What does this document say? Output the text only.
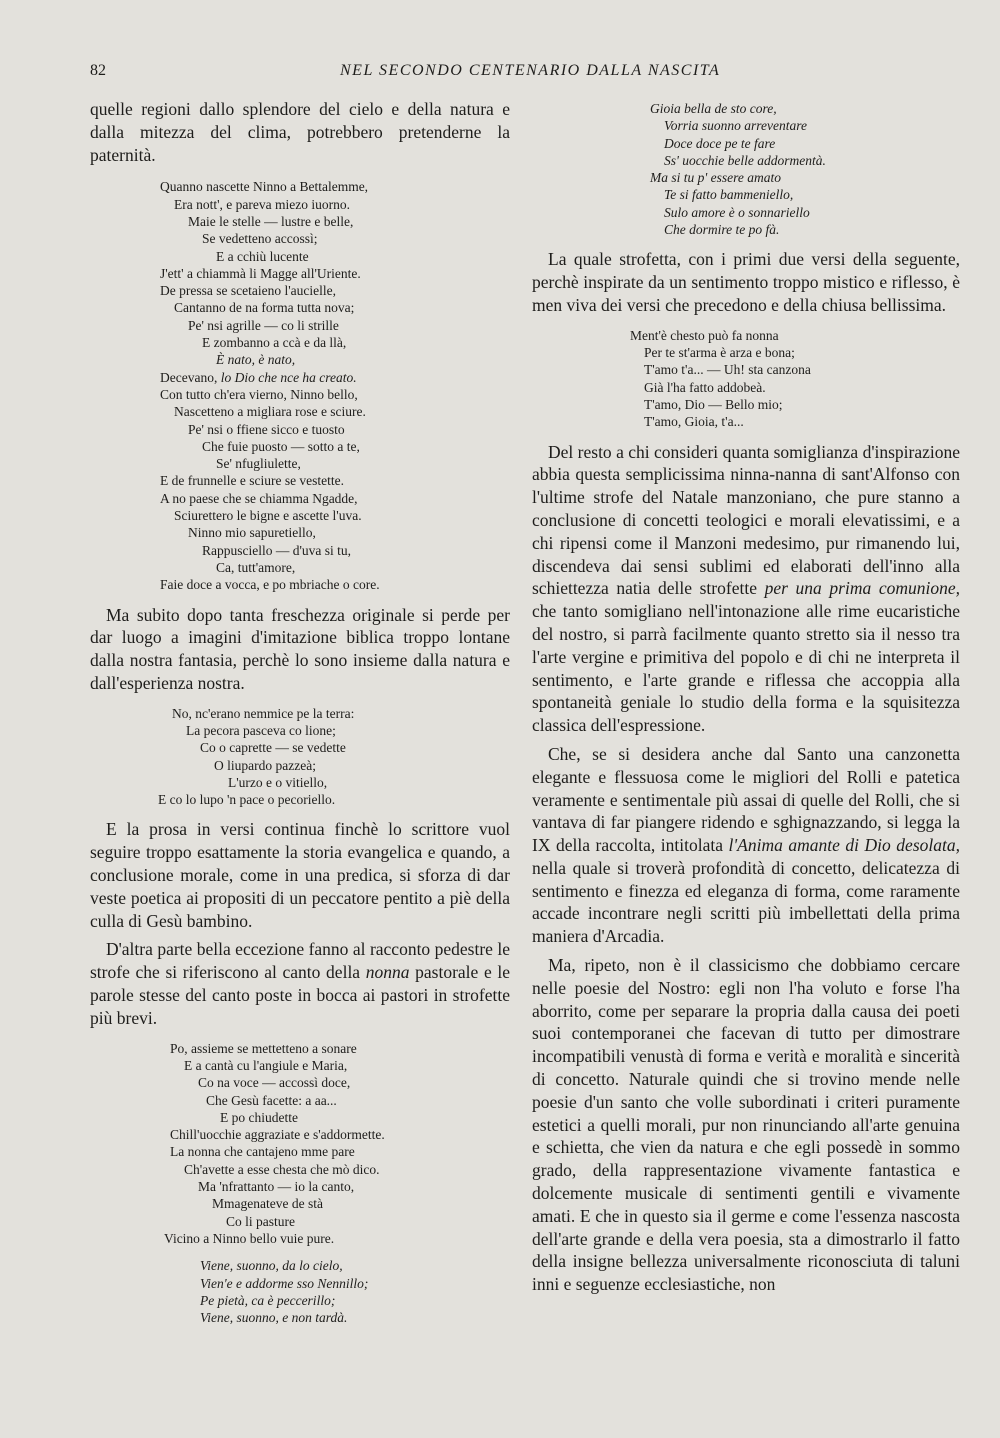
82	NEL SECONDO CENTENARIO DALLA NASCITA

quelle regioni dallo splendore del cielo e della natura e dalla mitezza del clima, potrebbero pretenderne la paternità.

Quanno nascette Ninno a Bettalemme,
Era nott', e pareva miezo iuorno.
Maie le stelle — lustre e belle,
Se vedetteno accossì;
E a cchiù lucente
J'ett' a chiammà li Magge all'Uriente.
De pressa se scetaieno l'aucielle,
Cantanno de na forma tutta nova;
Pe' nsi agrille — co li strille
E zombanno a ccà e da llà,
È nato, è nato,
Decevano, lo Dio che nce ha creato.
Con tutto ch'era vierno, Ninno bello,
Nascetteno a migliara rose e sciure.
Pe' nsi o ffiene sicco e tuosto
Che fuie puosto — sotto a te,
Se' nfugliulette,
E de frunnelle e sciure se vestette.
A no paese che se chiamma Ngadde,
Sciurettero le bigne e ascette l'uva.
Ninno mio sapuretiello,
Rappusciello — d'uva si tu,
Ca, tutt'amore,
Faie doce a vocca, e po mbriache o core.

Ma subito dopo tanta freschezza originale si perde per dar luogo a imagini d'imitazione biblica troppo lontane dalla nostra fantasia, perchè lo sono insieme dalla natura e dall'esperienza nostra.

No, nc'erano nemmice pe la terra:
La pecora pasceva co lione;
Co o caprette — se vedette
O liupardo pazzeà;
L'urzo e o vitiello,
E co lo lupo 'n pace o pecoriello.

E la prosa in versi continua finchè lo scrittore vuol seguire troppo esattamente la storia evangelica e quando, a conclusione morale, come in una predica, si sforza di dar veste poetica ai propositi di un peccatore pentito a piè della culla di Gesù bambino.

D'altra parte bella eccezione fanno al racconto pedestre le strofe che si riferiscono al canto della nonna pastorale e le parole stesse del canto poste in bocca ai pastori in strofette più brevi.

Po, assieme se mettetteno a sonare
E a cantà cu l'angiule e Maria,
Co na voce — accossì doce,
Che Gesù facette: a aa...
E po chiudette
Chill'uocchie aggraziate e s'addormette.
La nonna che cantajeno mme pare
Ch'avette a esse chesta che mò dico.
Ma 'nfrattanto — io la canto,
Mmagenateve de stà
Co li pasture
Vicino a Ninno bello vuie pure.
Viene, suonno, da lo cielo,
Vien'e e addorme sso Nennillo;
Pe pietà, ca è peccerillo;
Viene, suonno, e non tardà.
Gioia bella de sto core,
Vorria suonno arreventare
Doce doce pe te fare
Ss' uocchie belle addormentà.
Ma si tu p' essere amato
Te si fatto bammeniello,
Sulo amore è o sonnariello
Che dormire te po fà.

La quale strofetta, con i primi due versi della seguente, perchè inspirate da un sentimento troppo mistico e riflesso, è men viva dei versi che precedono e della chiusa bellissima.

Ment'è chesto può fa nonna
Per te st'arma è arza e bona;
T'amo t'a... — Uh! sta canzona
Già l'ha fatto addobeà.
T'amo, Dio — Bello mio;
T'amo, Gioia, t'a...

Del resto a chi consideri quanta somiglianza d'inspirazione abbia questa semplicissima ninna-nanna di sant'Alfonso con l'ultime strofe del Natale manzoniano, che pure stanno a conclusione di concetti teologici e morali elevatissimi, e a chi ripensi come il Manzoni medesimo, pur rimanendo lui, discendeva dai sensi sublimi ed elaborati dell'inno alla schiettezza natia delle strofette per una prima comunione, che tanto somigliano nell'intonazione alle rime eucaristiche del nostro, si parrà facilmente quanto stretto sia il nesso tra l'arte vergine e primitiva del popolo e di chi ne interpreta il sentimento, e l'arte grande e riflessa che accoppia alla spontaneità geniale lo studio della forma e la squisitezza classica dell'espressione.

Che, se si desidera anche dal Santo una canzonetta elegante e flessuosa come le migliori del Rolli e patetica veramente e sentimentale più assai di quelle del Rolli, che si vantava di far piangere ridendo e sghignazzando, si legga la IX della raccolta, intitolata l'Anima amante di Dio desolata, nella quale si troverà profondità di concetto, delicatezza di sentimento e finezza ed eleganza di forma, come raramente accade incontrare negli scritti più imbellettati della prima maniera d'Arcadia.

Ma, ripeto, non è il classicismo che dobbiamo cercare nelle poesie del Nostro: egli non l'ha voluto e forse l'ha aborrito, come per separare la propria dalla causa dei poeti suoi contemporanei che facevan di tutto per dimostrare incompatibili venustà di forma e verità e moralità e sincerità di concetto. Naturale quindi che si trovino mende nelle poesie d'un santo che volle subordinati i criteri puramente estetici a quelli morali, pur non rinunciando all'arte genuina e schietta, che vien da natura e che egli possedè in sommo grado, della rappresentazione vivamente fantastica e dolcemente musicale di sentimenti gentili e vivamente amati. E che in questo sia il germe e come l'essenza nascosta dell'arte grande e della vera poesia, sta a dimostrarlo il fatto della insigne bellezza universalmente riconosciuta di taluni inni e seguenze ecclesiastiche, non
